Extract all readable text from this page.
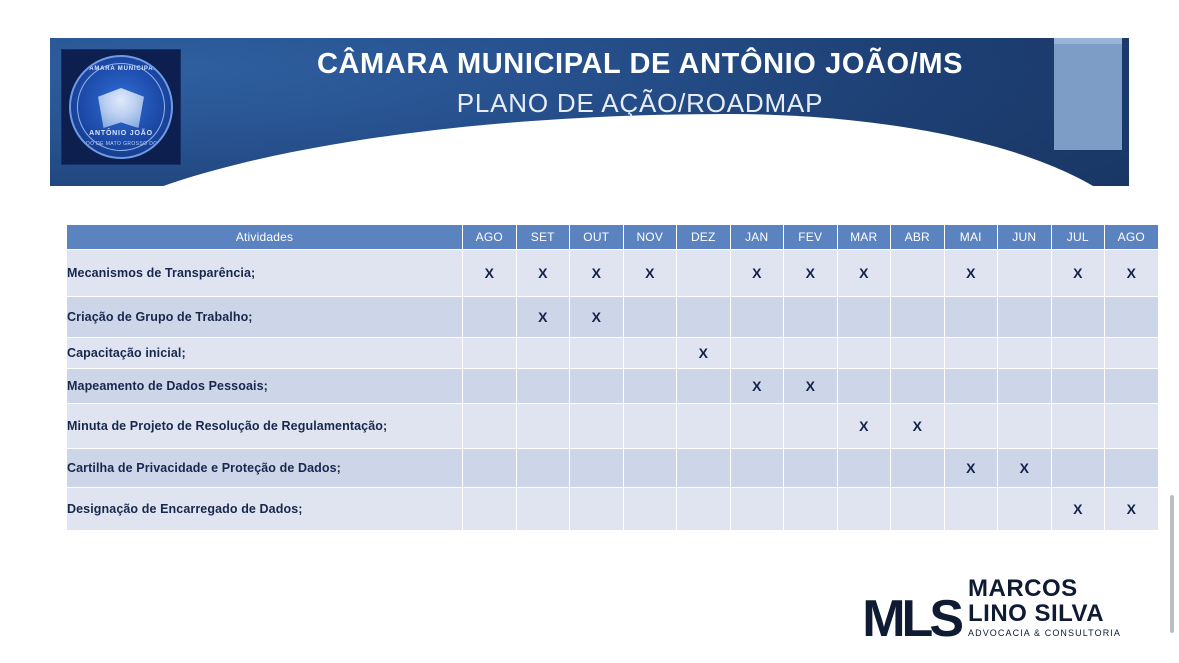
CÂMARA MUNICIPAL DE ANTÔNIO JOÃO/MS

PLANO DE AÇÃO/ROADMAP

CÂMARA MUNICIPAL
ANTÔNIO JOÃO
ESTADO DE MATO GROSSO DO SUL
Atividades	AGO	SET	OUT	NOV	DEZ	JAN	FEV	MAR	ABR	MAI	JUN	JUL	AGO
Mecanismos de Transparência;	X	X	X	X		X	X	X		X		X	X
Criação de Grupo de Trabalho;		X	X										
Capacitação inicial;					X								
Mapeamento de Dados Pessoais;						X	X						
Minuta de Projeto de Resolução de Regulamentação;								X	X				
Cartilha de Privacidade e Proteção de Dados;										X	X		
Designação de Encarregado de Dados;												X	X
MLS
MARCOS
LINO SILVA
ADVOCACIA & CONSULTORIA
